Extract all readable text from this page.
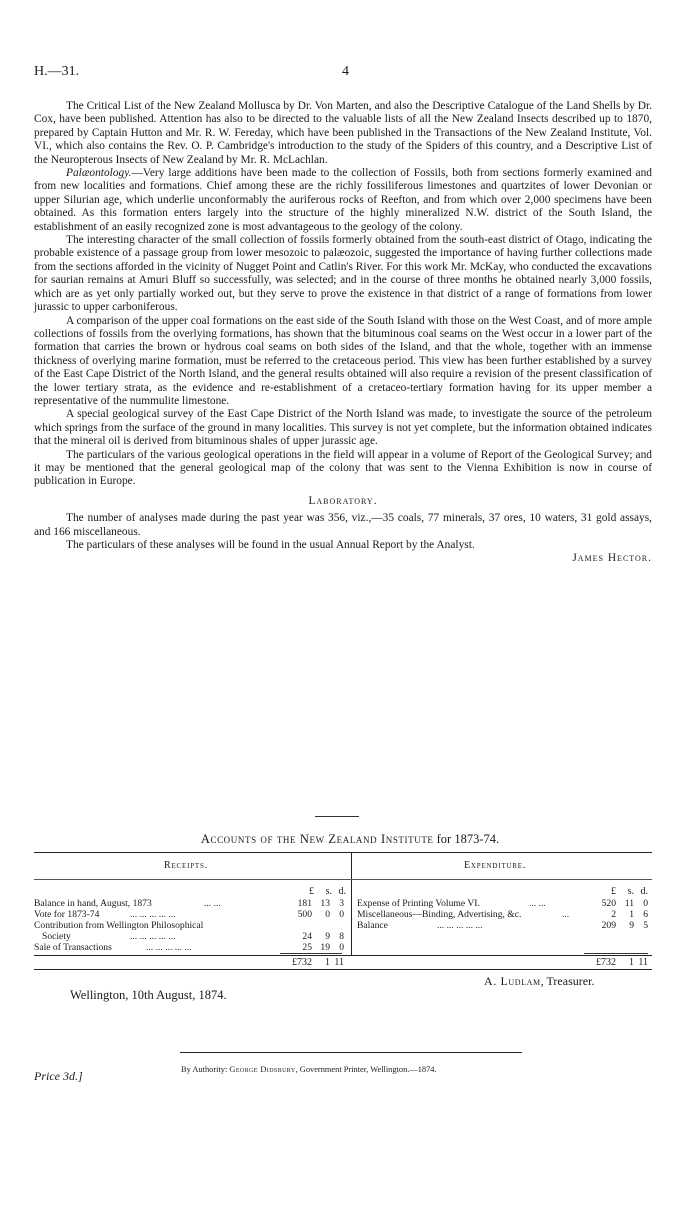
H.—31.	4

The Critical List of the New Zealand Mollusca by Dr. Von Marten, and also the Descriptive Catalogue of the Land Shells by Dr. Cox, have been published. Attention has also to be directed to the valuable lists of all the New Zealand Insects described up to 1870, prepared by Captain Hutton and Mr. R. W. Fereday, which have been published in the Transactions of the New Zealand Institute, Vol. VI., which also contains the Rev. O. P. Cambridge's introduction to the study of the Spiders of this country, and a Descriptive List of the Neuropterous Insects of New Zealand by Mr. R. McLachlan.

Palæontology.—Very large additions have been made to the collection of Fossils, both from sections formerly examined and from new localities and formations. Chief among these are the richly fossiliferous limestones and quartzites of lower Devonian or upper Silurian age, which underlie unconformably the auriferous rocks of Reefton, and from which over 2,000 specimens have been obtained. As this formation enters largely into the structure of the highly mineralized N.W. district of the South Island, the establishment of an easily recognized zone is most advantageous to the geology of the colony.

The interesting character of the small collection of fossils formerly obtained from the south-east district of Otago, indicating the probable existence of a passage group from lower mesozoic to palæozoic, suggested the importance of having further collections made from the sections afforded in the vicinity of Nugget Point and Catlin's River. For this work Mr. McKay, who conducted the excavations for saurian remains at Amuri Bluff so successfully, was selected; and in the course of three months he obtained nearly 3,000 fossils, which are as yet only partially worked out, but they serve to prove the existence in that district of a range of formations from lower jurassic to upper carboniferous.

A comparison of the upper coal formations on the east side of the South Island with those on the West Coast, and of more ample collections of fossils from the overlying formations, has shown that the bituminous coal seams on the West occur in a lower part of the formation that carries the brown or hydrous coal seams on both sides of the Island, and that the whole, together with an immense thickness of overlying marine formation, must be referred to the cretaceous period. This view has been further established by a survey of the East Cape District of the North Island, and the general results obtained will also require a revision of the present classification of the lower tertiary strata, as the evidence and re-establishment of a cretaceo-tertiary formation having for its upper member a representative of the nummulite limestone.

A special geological survey of the East Cape District of the North Island was made, to investigate the source of the petroleum which springs from the surface of the ground in many localities. This survey is not yet complete, but the information obtained indicates that the mineral oil is derived from bituminous shales of upper jurassic age.

The particulars of the various geological operations in the field will appear in a volume of Report of the Geological Survey; and it may be mentioned that the general geological map of the colony that was sent to the Vienna Exhibition is now in course of publication in Europe.

Laboratory.

The number of analyses made during the past year was 356, viz.,—35 coals, 77 minerals, 37 ores, 10 waters, 31 gold assays, and 166 miscellaneous.

The particulars of these analyses will be found in the usual Annual Report by the Analyst.

James Hector.

Accounts of the New Zealand Institute for 1873-74.
Receipts.	Expenditure.
£ s. d.	£ s. d.
Balance in hand, August, 1873	... ...	181 13 3
Vote for 1873-74	... ... ... ... ...	500 0 0
Contribution from Wellington Philosophical
Society	... ... ... ... ...	24 9 8
Sale of Transactions	... ... ... ... ...	25 19 0
Expense of Printing Volume VI.	... ...	520 11 0
Miscellaneous—Binding, Advertising, &c.	...	2 1 6
Balance	... ... ... ... ...	209 9 5
£732 1 11	£732 1 11
A. Ludlam, Treasurer.
Wellington, 10th August, 1874.
Price 3d.]	By Authority: George Didsbury, Government Printer, Wellington.—1874.
